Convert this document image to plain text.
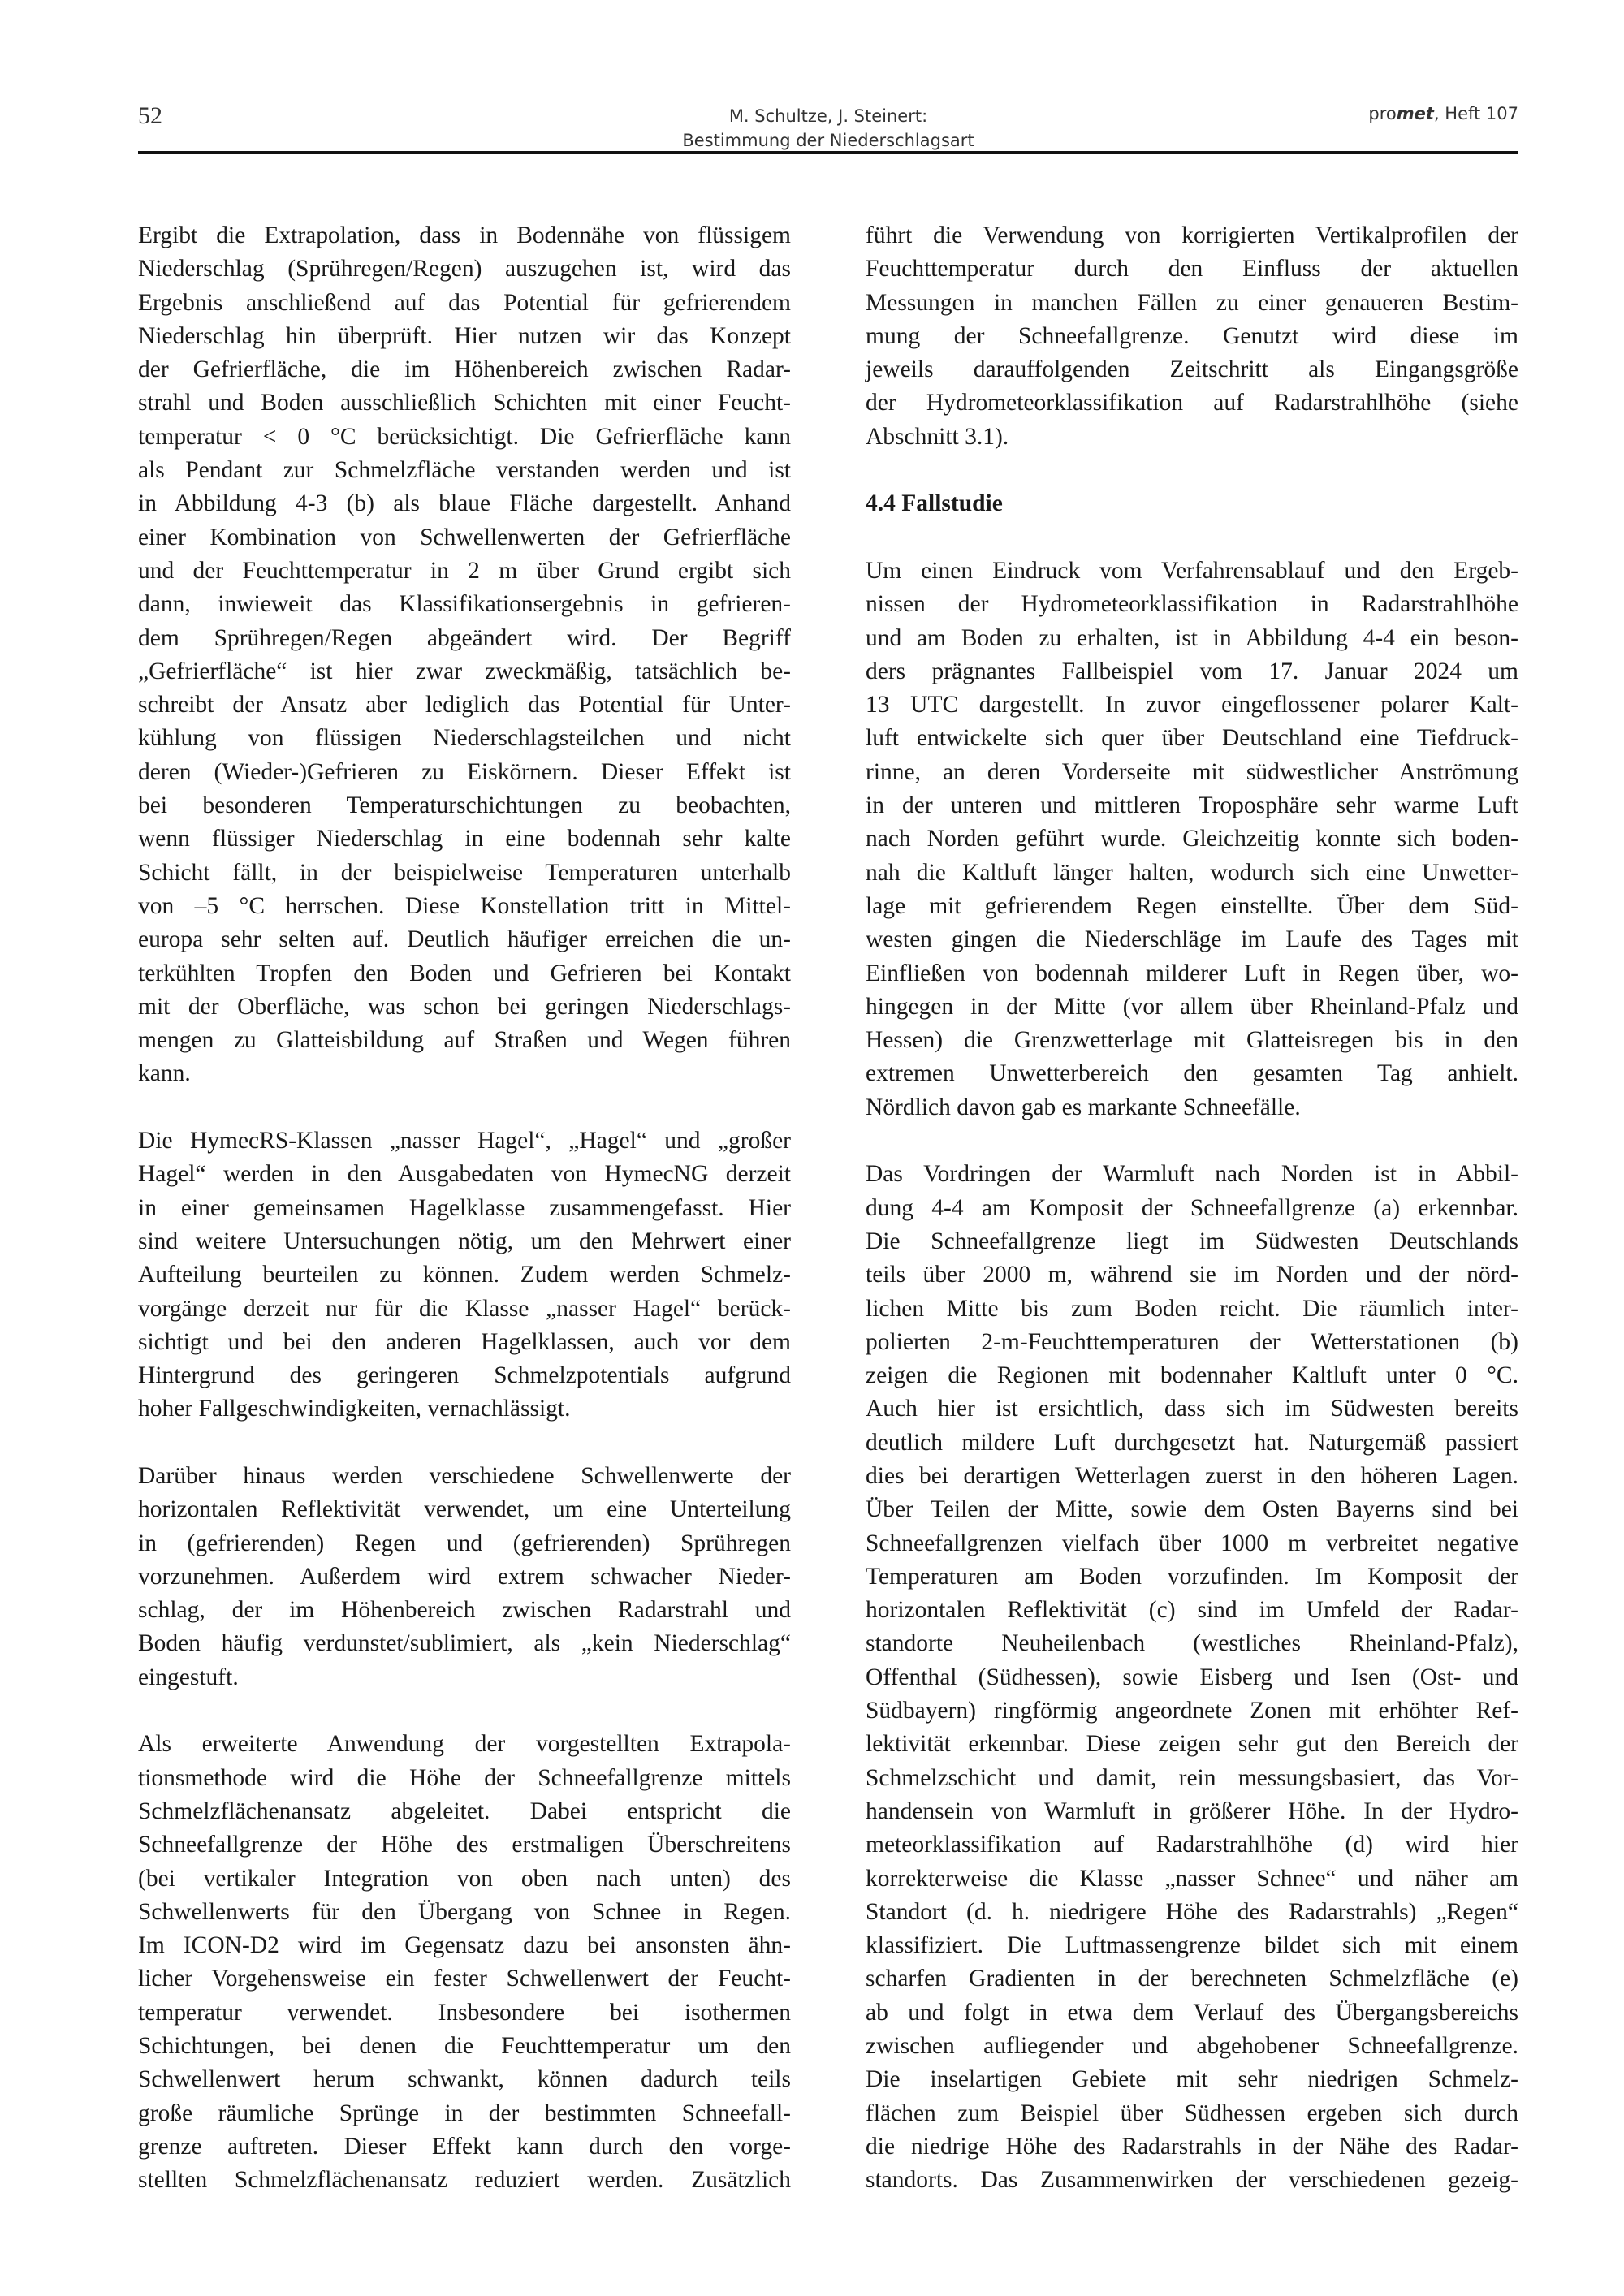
52	M. Schultze, J. Steinert:
Bestimmung der Niederschlagsart
promet, Heft 107
Ergibt die Extrapolation, dass in Bodennähe von flüssigem
Niederschlag (Sprühregen/Regen) auszugehen ist, wird das
Ergebnis anschließend auf das Potential für gefrierendem
Niederschlag hin überprüft. Hier nutzen wir das Konzept
der Gefrierfläche, die im Höhenbereich zwischen Radar-
strahl und Boden ausschließlich Schichten mit einer Feucht-
temperatur < 0 °C berücksichtigt. Die Gefrierfläche kann
als Pendant zur Schmelzfläche verstanden werden und ist
in Abbildung 4-3 (b) als blaue Fläche dargestellt. Anhand
einer Kombination von Schwellenwerten der Gefrierfläche
und der Feuchttemperatur in 2 m über Grund ergibt sich
dann, inwieweit das Klassifikationsergebnis in gefrieren-
dem Sprühregen/Regen abgeändert wird. Der Begriff
„Gefrierfläche“ ist hier zwar zweckmäßig, tatsächlich be-
schreibt der Ansatz aber lediglich das Potential für Unter-
kühlung von flüssigen Niederschlagsteilchen und nicht
deren (Wieder-)Gefrieren zu Eiskörnern. Dieser Effekt ist
bei besonderen Temperaturschichtungen zu beobachten,
wenn flüssiger Niederschlag in eine bodennah sehr kalte
Schicht fällt, in der beispielweise Temperaturen unterhalb
von –5 °C herrschen. Diese Konstellation tritt in Mittel-
europa sehr selten auf. Deutlich häufiger erreichen die un-
terkühlten Tropfen den Boden und Gefrieren bei Kontakt
mit der Oberfläche, was schon bei geringen Niederschlags-
mengen zu Glatteisbildung auf Straßen und Wegen führen
kann.
Die HymecRS-Klassen „nasser Hagel“, „Hagel“ und „großer
Hagel“ werden in den Ausgabedaten von HymecNG derzeit
in einer gemeinsamen Hagelklasse zusammengefasst. Hier
sind weitere Untersuchungen nötig, um den Mehrwert einer
Aufteilung beurteilen zu können. Zudem werden Schmelz-
vorgänge derzeit nur für die Klasse „nasser Hagel“ berück-
sichtigt und bei den anderen Hagelklassen, auch vor dem
Hintergrund des geringeren Schmelzpotentials aufgrund
hoher Fallgeschwindigkeiten, vernachlässigt.
Darüber hinaus werden verschiedene Schwellenwerte der
horizontalen Reflektivität verwendet, um eine Unterteilung
in (gefrierenden) Regen und (gefrierenden) Sprühregen
vorzunehmen. Außerdem wird extrem schwacher Nieder-
schlag, der im Höhenbereich zwischen Radarstrahl und
Boden häufig verdunstet/sublimiert, als „kein Niederschlag“
eingestuft.
Als erweiterte Anwendung der vorgestellten Extrapola-
tionsmethode wird die Höhe der Schneefallgrenze mittels
Schmelzflächenansatz abgeleitet. Dabei entspricht die
Schneefallgrenze der Höhe des erstmaligen Überschreitens
(bei vertikaler Integration von oben nach unten) des
Schwellenwerts für den Übergang von Schnee in Regen.
Im ICON-D2 wird im Gegensatz dazu bei ansonsten ähn-
licher Vorgehensweise ein fester Schwellenwert der Feucht-
temperatur verwendet. Insbesondere bei isothermen
Schichtungen, bei denen die Feuchttemperatur um den
Schwellenwert herum schwankt, können dadurch teils
große räumliche Sprünge in der bestimmten Schneefall-
grenze auftreten. Dieser Effekt kann durch den vorge-
stellten Schmelzflächenansatz reduziert werden. Zusätzlich
führt die Verwendung von korrigierten Vertikalprofilen der
Feuchttemperatur durch den Einfluss der aktuellen
Messungen in manchen Fällen zu einer genaueren Bestim-
mung der Schneefallgrenze. Genutzt wird diese im
jeweils darauffolgenden Zeitschritt als Eingangsgröße
der Hydrometeorklassifikation auf Radarstrahlhöhe (siehe
Abschnitt 3.1).
4.4 Fallstudie
Um einen Eindruck vom Verfahrensablauf und den Ergeb-
nissen der Hydrometeorklassifikation in Radarstrahlhöhe
und am Boden zu erhalten, ist in Abbildung 4-4 ein beson-
ders prägnantes Fallbeispiel vom 17. Januar 2024 um
13 UTC dargestellt. In zuvor eingeflossener polarer Kalt-
luft entwickelte sich quer über Deutschland eine Tiefdruck-
rinne, an deren Vorderseite mit südwestlicher Anströmung
in der unteren und mittleren Troposphäre sehr warme Luft
nach Norden geführt wurde. Gleichzeitig konnte sich boden-
nah die Kaltluft länger halten, wodurch sich eine Unwetter-
lage mit gefrierendem Regen einstellte. Über dem Süd-
westen gingen die Niederschläge im Laufe des Tages mit
Einfließen von bodennah milderer Luft in Regen über, wo-
hingegen in der Mitte (vor allem über Rheinland-Pfalz und
Hessen) die Grenzwetterlage mit Glatteisregen bis in den
extremen Unwetterbereich den gesamten Tag anhielt.
Nördlich davon gab es markante Schneefälle.
Das Vordringen der Warmluft nach Norden ist in Abbil-
dung 4-4 am Komposit der Schneefallgrenze (a) erkennbar.
Die Schneefallgrenze liegt im Südwesten Deutschlands
teils über 2000 m, während sie im Norden und der nörd-
lichen Mitte bis zum Boden reicht. Die räumlich inter-
polierten 2-m-Feuchttemperaturen der Wetterstationen (b)
zeigen die Regionen mit bodennaher Kaltluft unter 0 °C.
Auch hier ist ersichtlich, dass sich im Südwesten bereits
deutlich mildere Luft durchgesetzt hat. Naturgemäß passiert
dies bei derartigen Wetterlagen zuerst in den höheren Lagen.
Über Teilen der Mitte, sowie dem Osten Bayerns sind bei
Schneefallgrenzen vielfach über 1000 m verbreitet negative
Temperaturen am Boden vorzufinden. Im Komposit der
horizontalen Reflektivität (c) sind im Umfeld der Radar-
standorte Neuheilenbach (westliches Rheinland-Pfalz),
Offenthal (Südhessen), sowie Eisberg und Isen (Ost- und
Südbayern) ringförmig angeordnete Zonen mit erhöhter Ref-
lektivität erkennbar. Diese zeigen sehr gut den Bereich der
Schmelzschicht und damit, rein messungsbasiert, das Vor-
handensein von Warmluft in größerer Höhe. In der Hydro-
meteorklassifikation auf Radarstrahlhöhe (d) wird hier
korrekterweise die Klasse „nasser Schnee“ und näher am
Standort (d. h. niedrigere Höhe des Radarstrahls) „Regen“
klassifiziert. Die Luftmassengrenze bildet sich mit einem
scharfen Gradienten in der berechneten Schmelzfläche (e)
ab und folgt in etwa dem Verlauf des Übergangsbereichs
zwischen aufliegender und abgehobener Schneefallgrenze.
Die inselartigen Gebiete mit sehr niedrigen Schmelz-
flächen zum Beispiel über Südhessen ergeben sich durch
die niedrige Höhe des Radarstrahls in der Nähe des Radar-
standorts. Das Zusammenwirken der verschiedenen gezeig-
